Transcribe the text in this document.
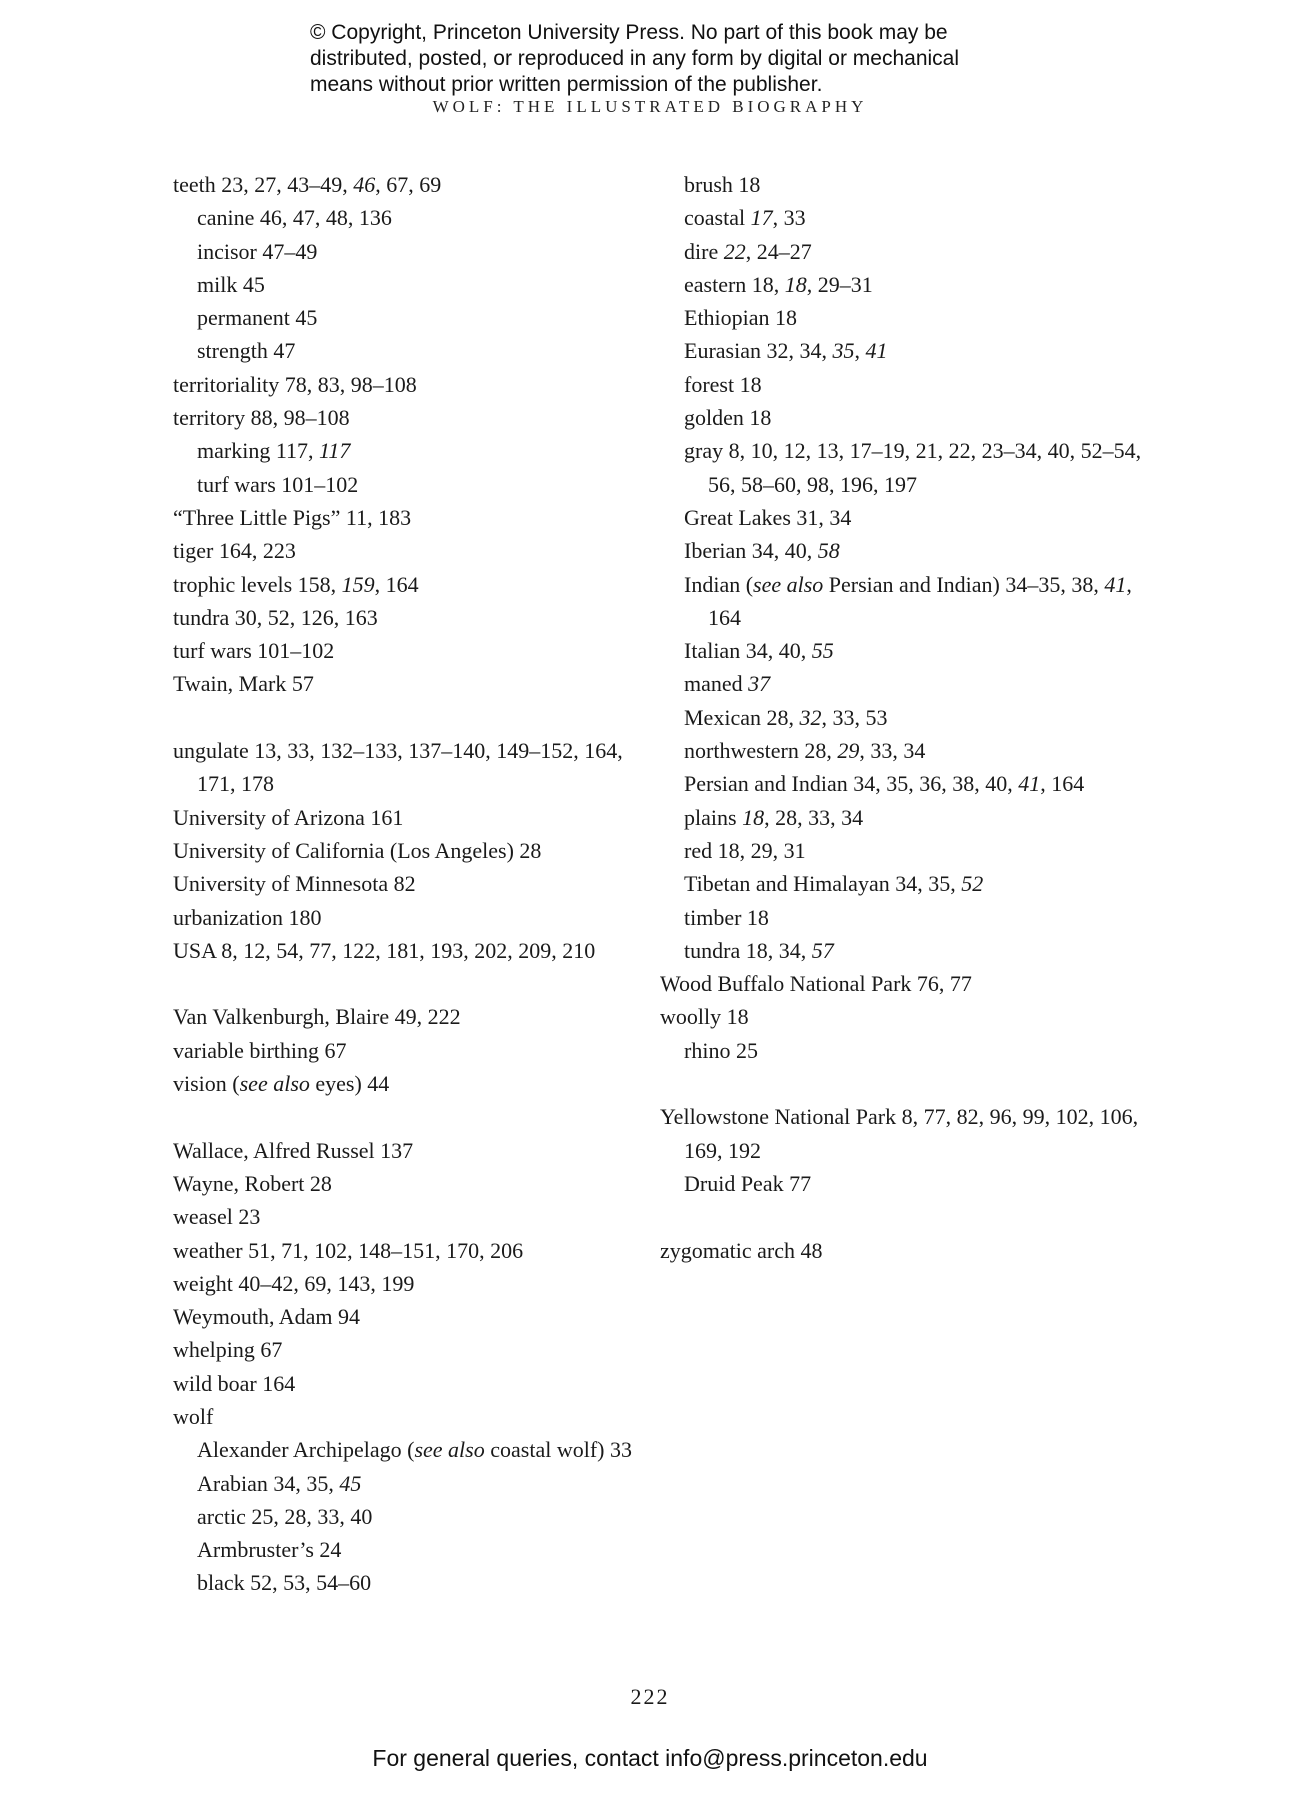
© Copyright, Princeton University Press. No part of this book may be
distributed, posted, or reproduced in any form by digital or mechanical
means without prior written permission of the publisher.
WOLF: THE ILLUSTRATED BIOGRAPHY
teeth 23, 27, 43–49, 46, 67, 69
canine 46, 47, 48, 136
incisor 47–49
milk 45
permanent 45
strength 47
territoriality 78, 83, 98–108
territory 88, 98–108
marking 117, 117
turf wars 101–102
“Three Little Pigs” 11, 183
tiger 164, 223
trophic levels 158, 159, 164
tundra 30, 52, 126, 163
turf wars 101–102
Twain, Mark 57
ungulate 13, 33, 132–133, 137–140, 149–152, 164, 171, 178
University of Arizona 161
University of California (Los Angeles) 28
University of Minnesota 82
urbanization 180
USA 8, 12, 54, 77, 122, 181, 193, 202, 209, 210
Van Valkenburgh, Blaire 49, 222
variable birthing 67
vision (see also eyes) 44
Wallace, Alfred Russel 137
Wayne, Robert 28
weasel 23
weather 51, 71, 102, 148–151, 170, 206
weight 40–42, 69, 143, 199
Weymouth, Adam 94
whelping 67
wild boar 164
wolf
Alexander Archipelago (see also coastal wolf) 33
Arabian 34, 35, 45
arctic 25, 28, 33, 40
Armbruster’s 24
black 52, 53, 54–60
brush 18
coastal 17, 33
dire 22, 24–27
eastern 18, 18, 29–31
Ethiopian 18
Eurasian 32, 34, 35, 41
forest 18
golden 18
gray 8, 10, 12, 13, 17–19, 21, 22, 23–34, 40, 52–54, 56, 58–60, 98, 196, 197
Great Lakes 31, 34
Iberian 34, 40, 58
Indian (see also Persian and Indian) 34–35, 38, 41, 164
Italian 34, 40, 55
maned 37
Mexican 28, 32, 33, 53
northwestern 28, 29, 33, 34
Persian and Indian 34, 35, 36, 38, 40, 41, 164
plains 18, 28, 33, 34
red 18, 29, 31
Tibetan and Himalayan 34, 35, 52
timber 18
tundra 18, 34, 57
Wood Buffalo National Park 76, 77
woolly 18
rhino 25
Yellowstone National Park 8, 77, 82, 96, 99, 102, 106, 169, 192
Druid Peak 77
zygomatic arch 48
222
For general queries, contact info@press.princeton.edu
